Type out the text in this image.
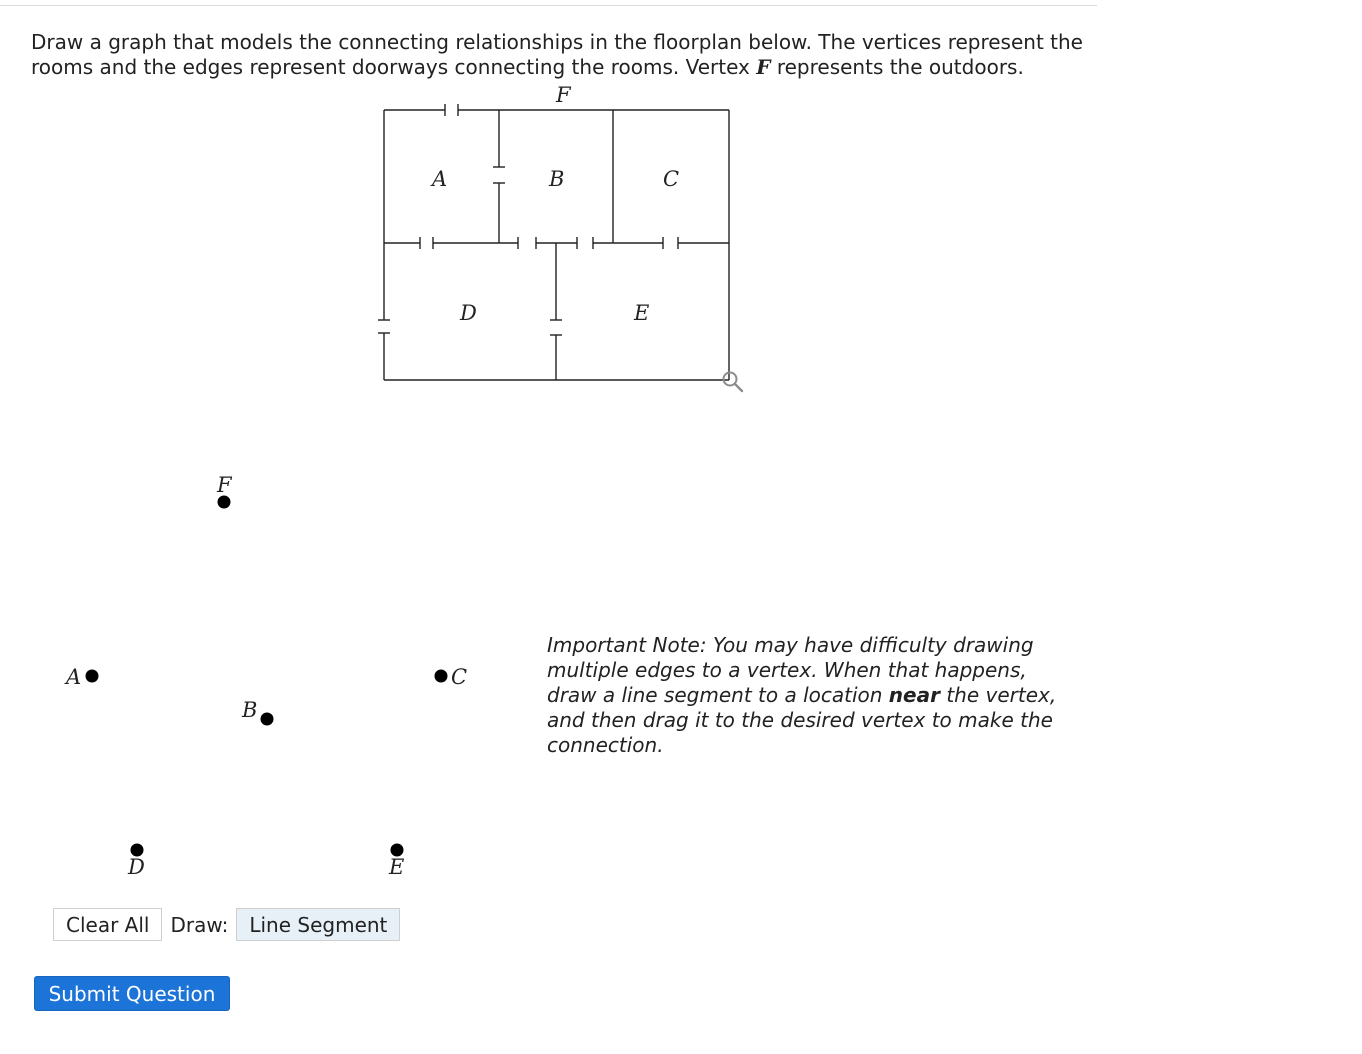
Draw a graph that models the connecting relationships in the floorplan below. The vertices represent the rooms and the edges represent doorways connecting the rooms. Vertex F represents the outdoors.
F
A	B	C
D	E
F
A
B
C
D	E
Important Note: You may have difficulty drawing multiple edges to a vertex. When that happens, draw a line segment to a location near the vertex, and then drag it to the desired vertex to make the connection.
Clear All	Draw:	Line Segment
Submit Question
